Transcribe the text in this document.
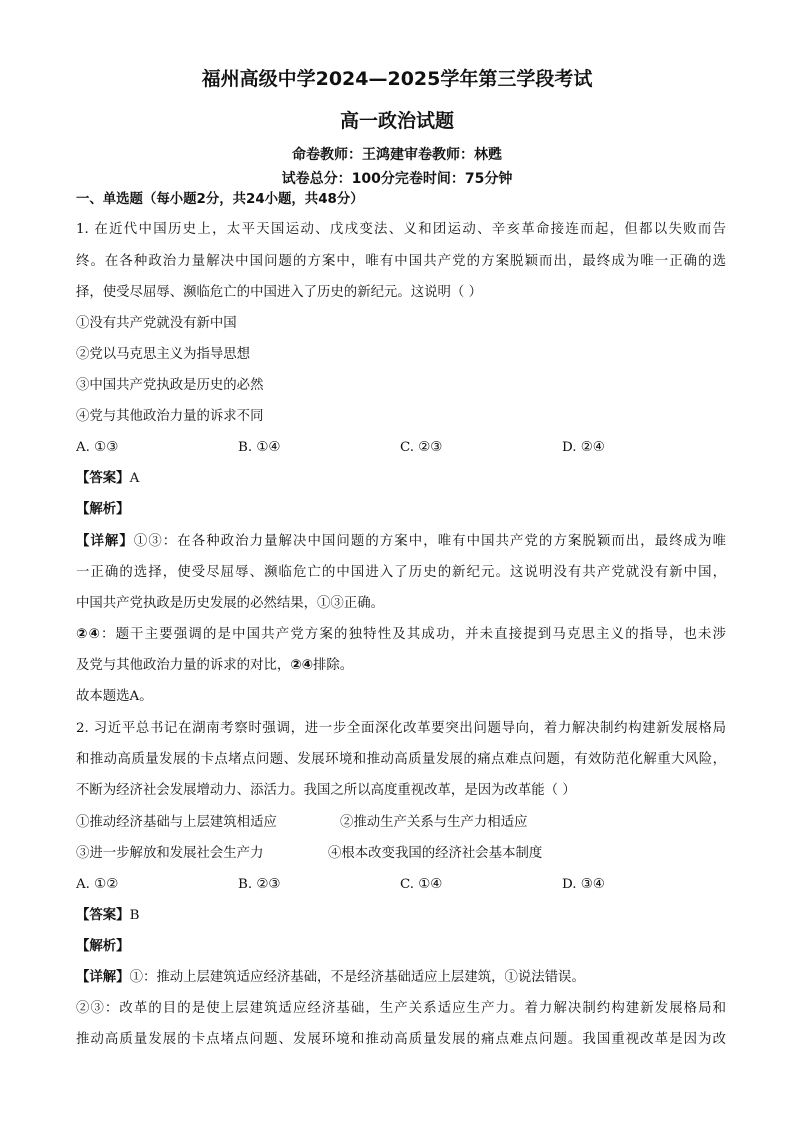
福州高级中学2024—2025学年第三学段考试
高一政治试题
命卷教师：王鸿建审卷教师：林甦
试卷总分：100分完卷时间：75分钟
一、单选题（每小题2分，共24小题，共48分）
1. 在近代中国历史上，太平天国运动、戊戌变法、义和团运动、辛亥革命接连而起，但都以失败而告
终。在各种政治力量解决中国问题的方案中，唯有中国共产党的方案脱颖而出，最终成为唯一正确的选
择，使受尽屈辱、濒临危亡的中国进入了历史的新纪元。这说明（ ）
①没有共产党就没有新中国
②党以马克思主义为指导思想
③中国共产党执政是历史的必然
④党与其他政治力量的诉求不同
A. ①③	B. ①④	C. ②③	D. ②④
【答案】A
【解析】
【详解】①③：在各种政治力量解决中国问题的方案中，唯有中国共产党的方案脱颖而出，最终成为唯
一正确的选择，使受尽屈辱、濒临危亡的中国进入了历史的新纪元。这说明没有共产党就没有新中国，
中国共产党执政是历史发展的必然结果，①③正确。
②④：题干主要强调的是中国共产党方案的独特性及其成功，并未直接提到马克思主义的指导，也未涉
及党与其他政治力量的诉求的对比，②④排除。
故本题选A。
2. 习近平总书记在湖南考察时强调，进一步全面深化改革要突出问题导向，着力解决制约构建新发展格局
和推动高质量发展的卡点堵点问题、发展环境和推动高质量发展的痛点难点问题，有效防范化解重大风险，
不断为经济社会发展增动力、添活力。我国之所以高度重视改革，是因为改革能（ ）
①推动经济基础与上层建筑相适应	②推动生产关系与生产力相适应
③进一步解放和发展社会生产力	④根本改变我国的经济社会基本制度
A. ①②	B. ②③	C. ①④	D. ③④
【答案】B
【解析】
【详解】①：推动上层建筑适应经济基础，不是经济基础适应上层建筑，①说法错误。
②③：改革的目的是使上层建筑适应经济基础，生产关系适应生产力。着力解决制约构建新发展格局和
推动高质量发展的卡点堵点问题、发展环境和推动高质量发展的痛点难点问题。我国重视改革是因为改
